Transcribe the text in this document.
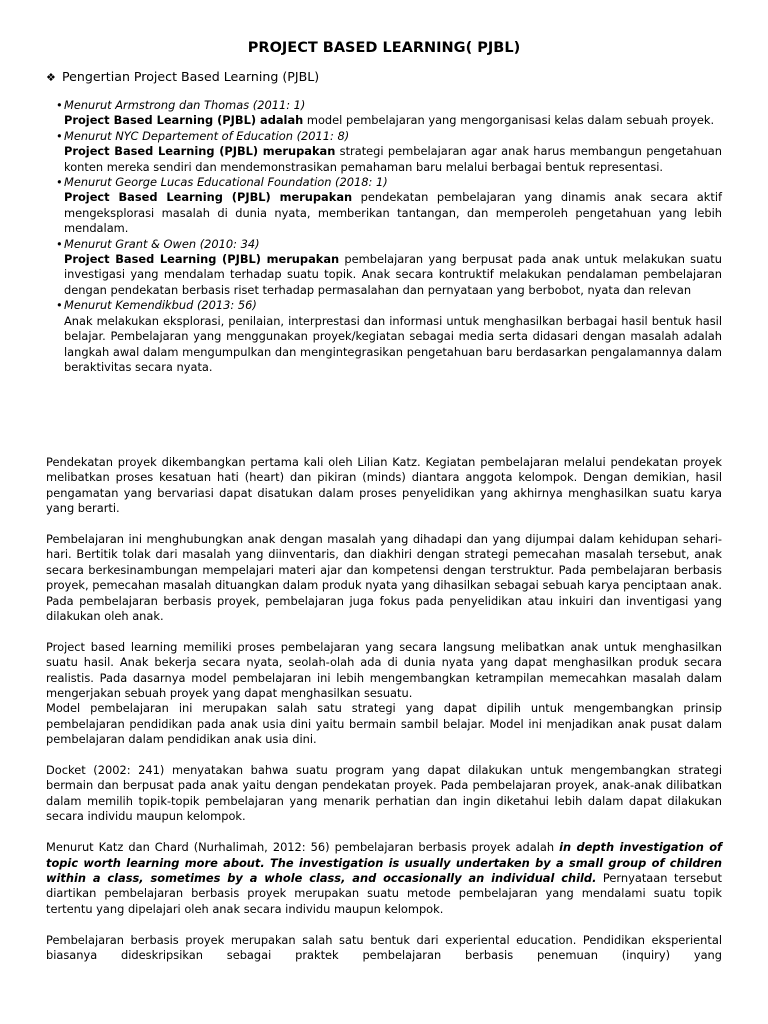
PROJECT BASED LEARNING( PJBL)
❖ Pengertian Project Based Learning (PJBL)
•Menurut Armstrong dan Thomas (2011: 1)
Project Based Learning (PJBL) adalah model pembelajaran yang mengorganisasi kelas dalam sebuah proyek.
•Menurut NYC Departement of Education (2011: 8)
Project Based Learning (PJBL) merupakan strategi pembelajaran agar anak harus membangun pengetahuan konten mereka sendiri dan mendemonstrasikan pemahaman baru melalui berbagai bentuk representasi.
•Menurut George Lucas Educational Foundation (2018: 1)
Project Based Learning (PJBL) merupakan pendekatan pembelajaran yang dinamis anak secara aktif mengeksplorasi masalah di dunia nyata, memberikan tantangan, dan memperoleh pengetahuan yang lebih mendalam.
•Menurut Grant & Owen (2010: 34)
Project Based Learning (PJBL) merupakan pembelajaran yang berpusat pada anak untuk melakukan suatu investigasi yang mendalam terhadap suatu topik. Anak secara kontruktif melakukan pendalaman pembelajaran dengan pendekatan berbasis riset terhadap permasalahan dan pernyataan yang berbobot, nyata dan relevan
•Menurut Kemendikbud (2013: 56)
Anak melakukan eksplorasi, penilaian, interprestasi dan informasi untuk menghasilkan berbagai hasil bentuk hasil belajar. Pembelajaran yang menggunakan proyek/kegiatan sebagai media serta didasari dengan masalah adalah langkah awal dalam mengumpulkan dan mengintegrasikan pengetahuan baru berdasarkan pengalamannya dalam beraktivitas secara nyata.

Pendekatan proyek dikembangkan pertama kali oleh Lilian Katz. Kegiatan pembelajaran melalui pendekatan proyek melibatkan proses kesatuan hati (heart) dan pikiran (minds) diantara anggota kelompok. Dengan demikian, hasil pengamatan yang bervariasi dapat disatukan dalam proses penyelidikan yang akhirnya menghasilkan suatu karya yang berarti.

Pembelajaran ini menghubungkan anak dengan masalah yang dihadapi dan yang dijumpai dalam kehidupan sehari-hari. Bertitik tolak dari masalah yang diinventaris, dan diakhiri dengan strategi pemecahan masalah tersebut, anak secara berkesinambungan mempelajari materi ajar dan kompetensi dengan terstruktur. Pada pembelajaran berbasis proyek, pemecahan masalah dituangkan dalam produk nyata yang dihasilkan sebagai sebuah karya penciptaan anak. Pada pembelajaran berbasis proyek, pembelajaran juga fokus pada penyelidikan atau inkuiri dan inventigasi yang dilakukan oleh anak.

Project based learning memiliki proses pembelajaran yang secara langsung melibatkan anak untuk menghasilkan suatu hasil. Anak bekerja secara nyata, seolah-olah ada di dunia nyata yang dapat menghasilkan produk secara realistis. Pada dasarnya model pembelajaran ini lebih mengembangkan ketrampilan memecahkan masalah dalam mengerjakan sebuah proyek yang dapat menghasilkan sesuatu.

Model pembelajaran ini merupakan salah satu strategi yang dapat dipilih untuk mengembangkan prinsip pembelajaran pendidikan pada anak usia dini yaitu bermain sambil belajar. Model ini menjadikan anak pusat dalam pembelajaran dalam pendidikan anak usia dini.

Docket (2002: 241) menyatakan bahwa suatu program yang dapat dilakukan untuk mengembangkan strategi bermain dan berpusat pada anak yaitu dengan pendekatan proyek. Pada pembelajaran proyek, anak-anak dilibatkan dalam memilih topik-topik pembelajaran yang menarik perhatian dan ingin diketahui lebih dalam dapat dilakukan secara individu maupun kelompok.

Menurut Katz dan Chard (Nurhalimah, 2012: 56) pembelajaran berbasis proyek adalah in depth investigation of topic worth learning more about. The investigation is usually undertaken by a small group of children within a class, sometimes by a whole class, and occasionally an individual child. Pernyataan tersebut diartikan pembelajaran berbasis proyek merupakan suatu metode pembelajaran yang mendalami suatu topik tertentu yang dipelajari oleh anak secara individu maupun kelompok.

Pembelajaran berbasis proyek merupakan salah satu bentuk dari experiental education. Pendidikan eksperiental biasanya dideskripsikan sebagai praktek pembelajaran berbasis penemuan (inquiry) yang
